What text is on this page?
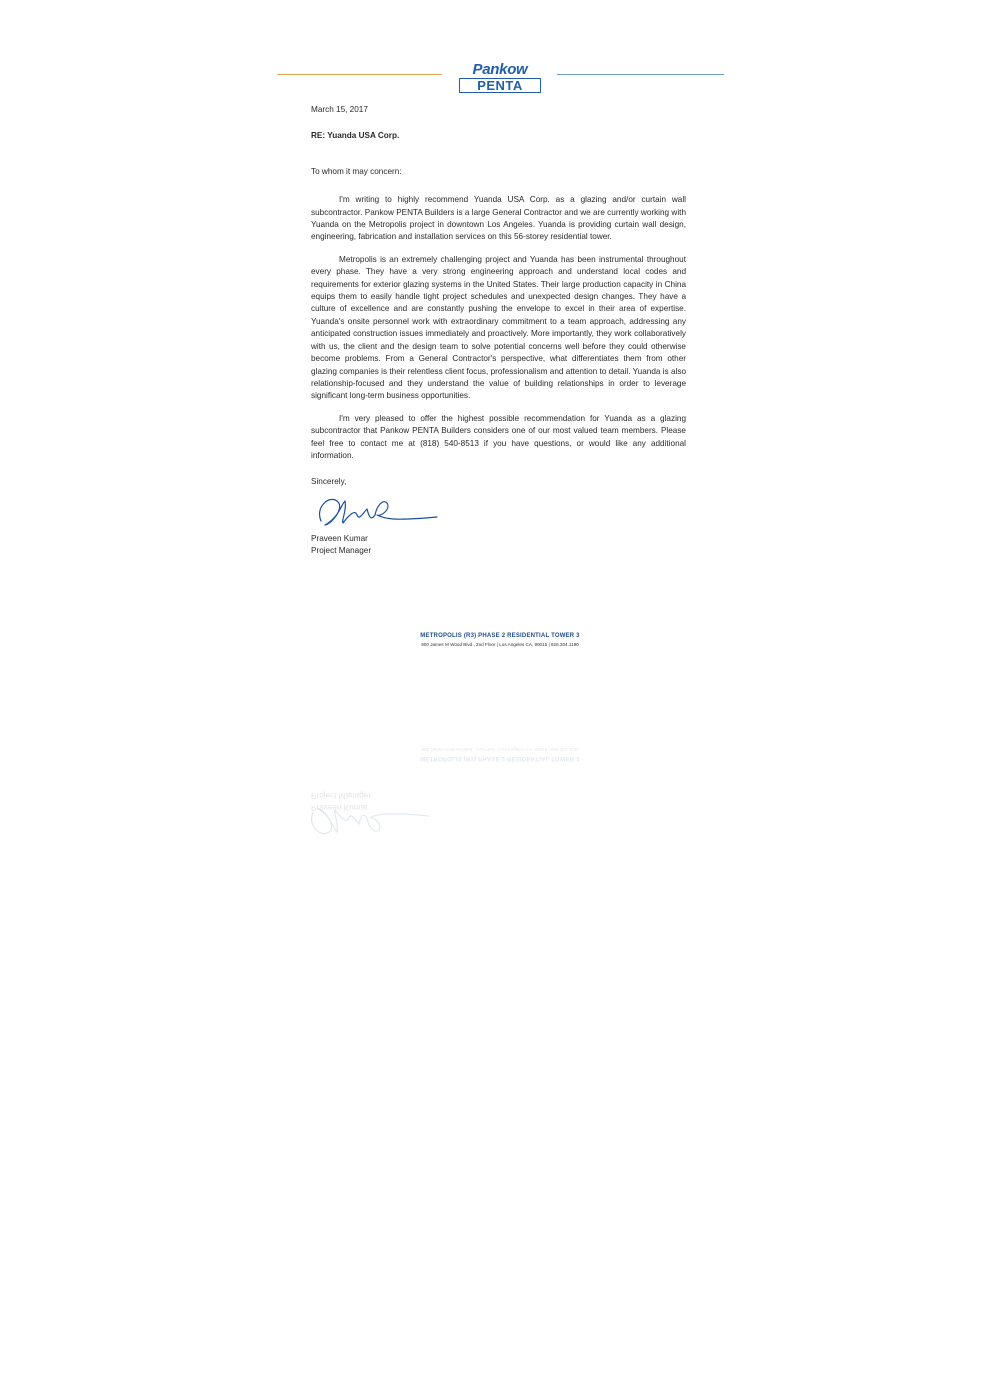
Pankow
PENTA

March 15, 2017

RE: Yuanda USA Corp.

To whom it may concern:

I'm writing to highly recommend Yuanda USA Corp. as a glazing and/or curtain wall subcontractor. Pankow PENTA Builders is a large General Contractor and we are currently working with Yuanda on the Metropolis project in downtown Los Angeles. Yuanda is providing curtain wall design, engineering, fabrication and installation services on this 56-storey residential tower.

Metropolis is an extremely challenging project and Yuanda has been instrumental throughout every phase. They have a very strong engineering approach and understand local codes and requirements for exterior glazing systems in the United States. Their large production capacity in China equips them to easily handle tight project schedules and unexpected design changes. They have a culture of excellence and are constantly pushing the envelope to excel in their area of expertise. Yuanda's onsite personnel work with extraordinary commitment to a team approach, addressing any anticipated construction issues immediately and proactively. More importantly, they work collaboratively with us, the client and the design team to solve potential concerns well before they could otherwise become problems. From a General Contractor's perspective, what differentiates them from other glazing companies is their relentless client focus, professionalism and attention to detail. Yuanda is also relationship-focused and they understand the value of building relationships in order to leverage significant long-term business opportunities.

I'm very pleased to offer the highest possible recommendation for Yuanda as a glazing subcontractor that Pankow PENTA Builders considers one of our most valued team members. Please feel free to contact me at (818) 540-8513 if you have questions, or would like any additional information.

Sincerely,

Praveen Kumar

Project Manager

METROPOLIS (R3) PHASE 2 RESIDENTIAL TOWER 3
900 James M Wood Blvd., 2nd Floor | Los Angeles CA, 90015 | 626.304.1190
METROPOLIS (R3) PHASE 2 RESIDENTIAL TOWER 3
900 James M Wood Blvd., 2nd Floor | Los Angeles CA, 90015 | 626.304.1190
Praveen Kumar
Project Manager
